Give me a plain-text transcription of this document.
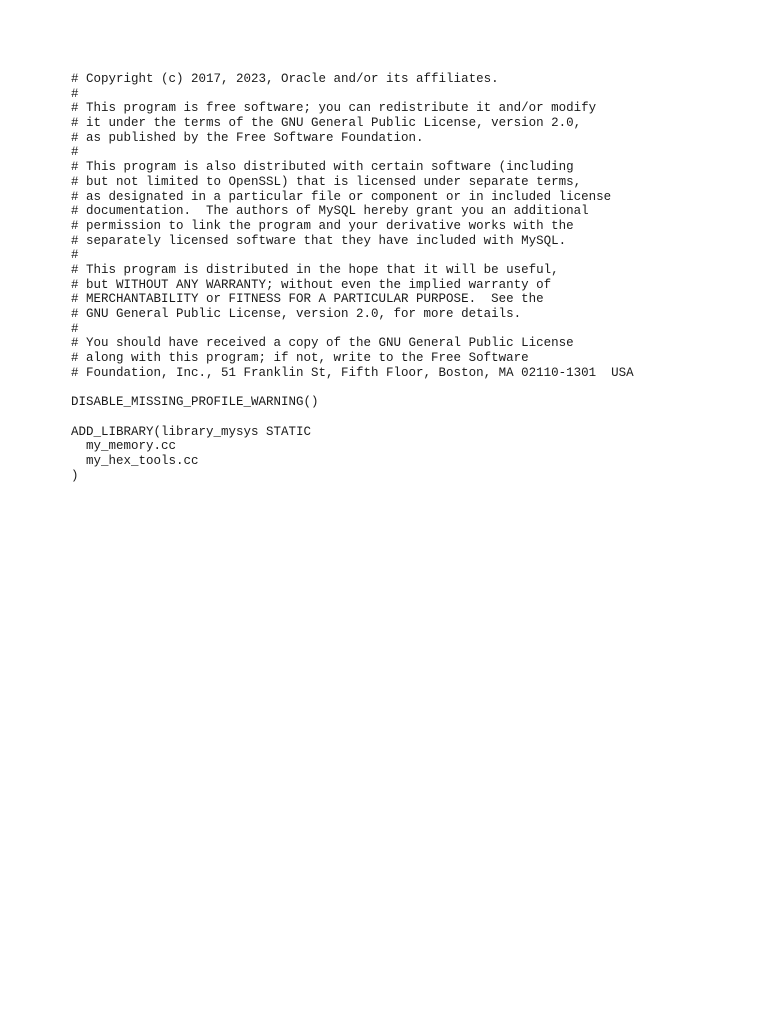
# Copyright (c) 2017, 2023, Oracle and/or its affiliates.
#
# This program is free software; you can redistribute it and/or modify
# it under the terms of the GNU General Public License, version 2.0,
# as published by the Free Software Foundation.
#
# This program is also distributed with certain software (including
# but not limited to OpenSSL) that is licensed under separate terms,
# as designated in a particular file or component or in included license
# documentation.  The authors of MySQL hereby grant you an additional
# permission to link the program and your derivative works with the
# separately licensed software that they have included with MySQL.
#
# This program is distributed in the hope that it will be useful,
# but WITHOUT ANY WARRANTY; without even the implied warranty of
# MERCHANTABILITY or FITNESS FOR A PARTICULAR PURPOSE.  See the
# GNU General Public License, version 2.0, for more details.
#
# You should have received a copy of the GNU General Public License
# along with this program; if not, write to the Free Software
# Foundation, Inc., 51 Franklin St, Fifth Floor, Boston, MA 02110-1301  USA
DISABLE_MISSING_PROFILE_WARNING()
ADD_LIBRARY(library_mysys STATIC
my_memory.cc
my_hex_tools.cc
)
